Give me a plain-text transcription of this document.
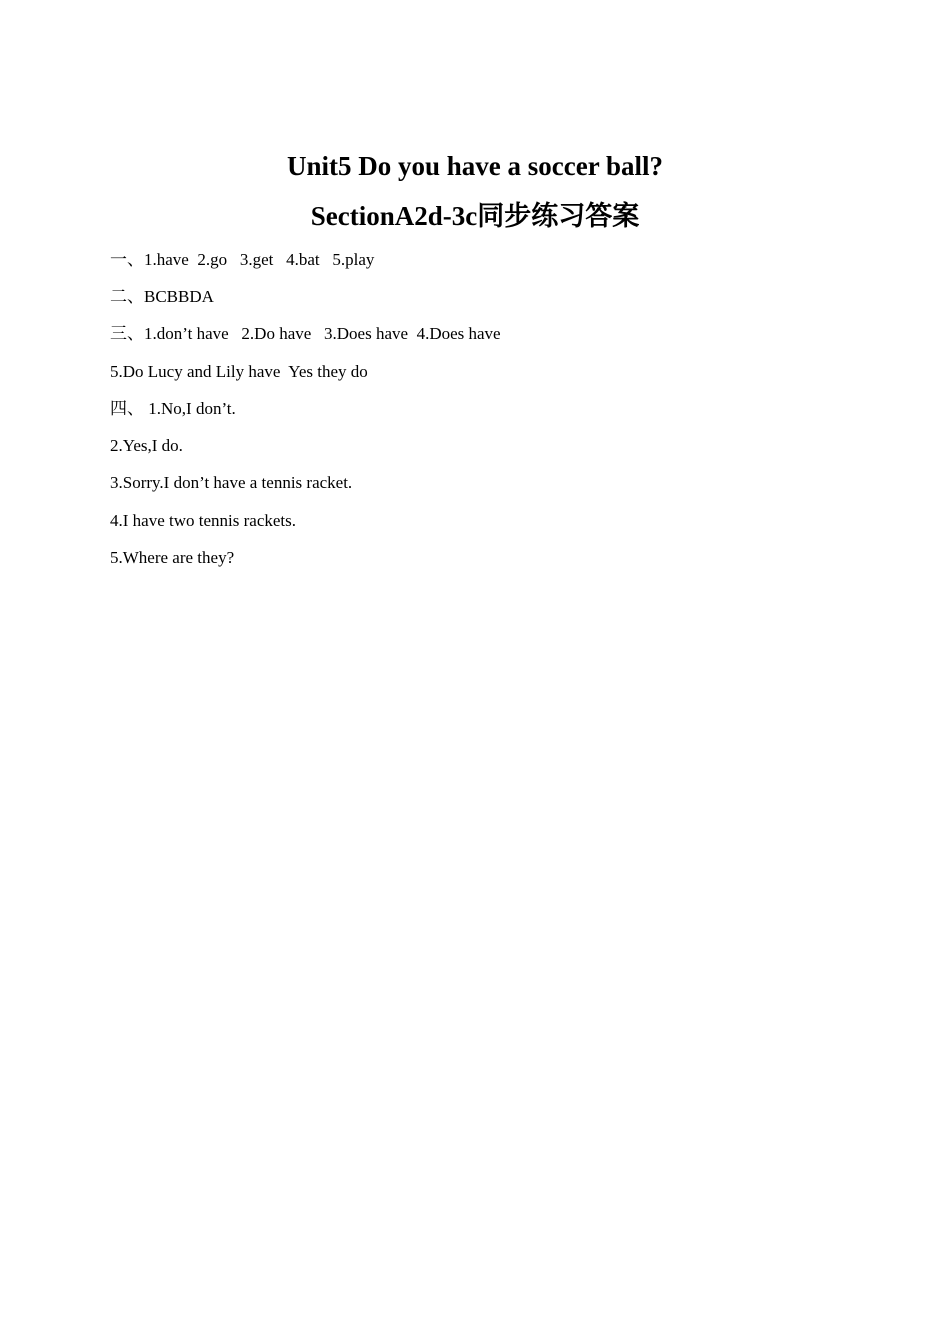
Unit5 Do you have a soccer ball?
SectionA2d-3c同步练习答案
一、1.have  2.go   3.get   4.bat   5.play
二、BCBBDA
三、1.don’t have   2.Do have   3.Does have  4.Does have
5.Do Lucy and Lily have  Yes they do
四、 1.No,I don’t.
2.Yes,I do.
3.Sorry.I don’t have a tennis racket.
4.I have two tennis rackets.
5.Where are they?
